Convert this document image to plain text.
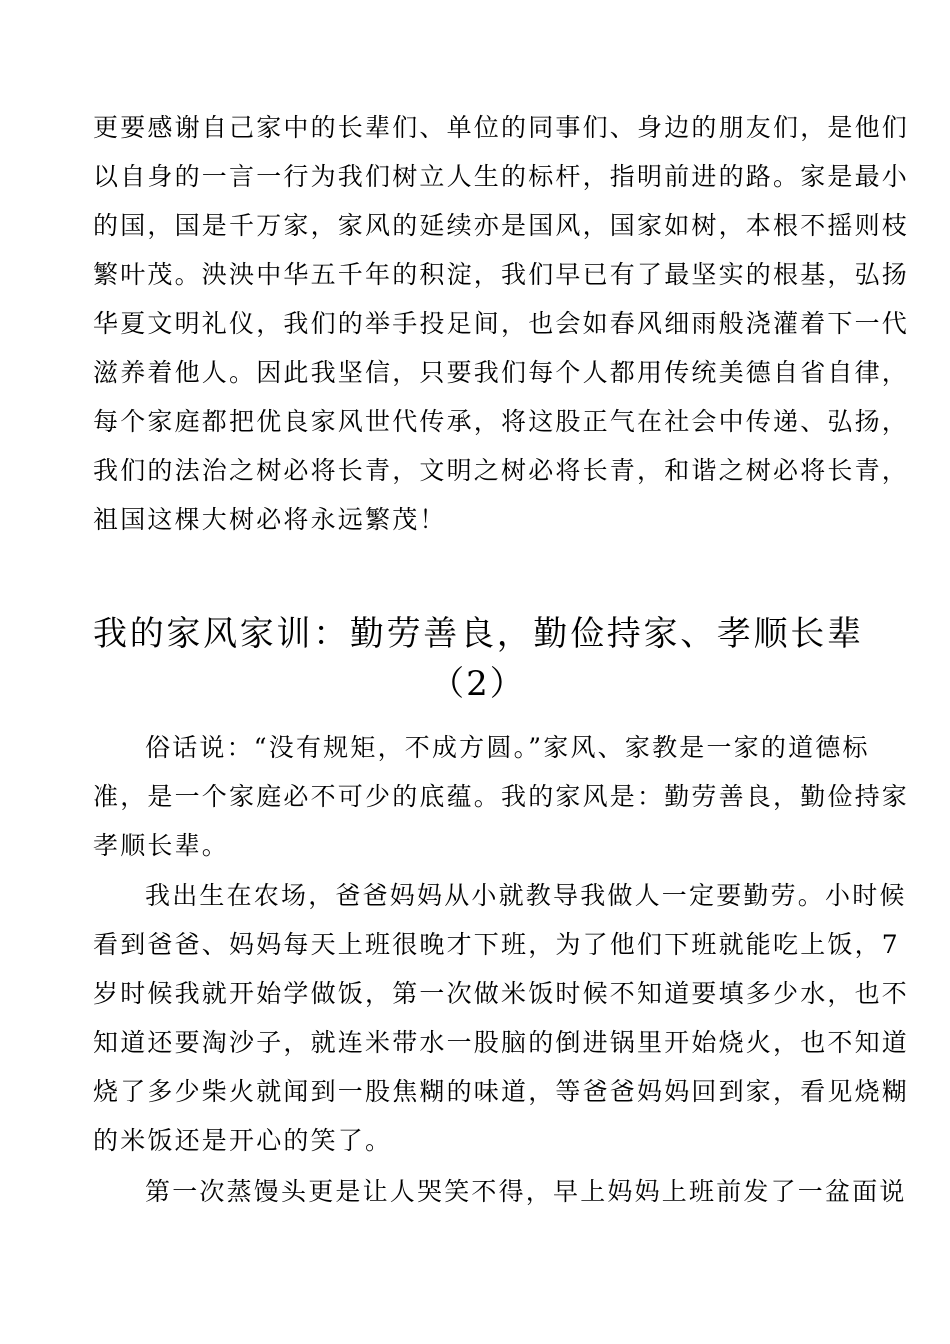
更要感谢自己家中的长辈们、单位的同事们、身边的朋友们，是他们
以自身的一言一行为我们树立人生的标杆，指明前进的路。家是最小
的国，国是千万家，家风的延续亦是国风，国家如树，本根不摇则枝
繁叶茂。泱泱中华五千年的积淀，我们早已有了最坚实的根基，弘扬
华夏文明礼仪，我们的举手投足间，也会如春风细雨般浇灌着下一代
滋养着他人。因此我坚信，只要我们每个人都用传统美德自省自律，
每个家庭都把优良家风世代传承，将这股正气在社会中传递、弘扬，
我们的法治之树必将长青，文明之树必将长青，和谐之树必将长青，
祖国这棵大树必将永远繁茂！
我的家风家训：勤劳善良，勤俭持家、孝顺长辈
（2）
俗话说：“没有规矩，不成方圆。”家风、家教是一家的道德标
准，是一个家庭必不可少的底蕴。我的家风是：勤劳善良，勤俭持家
孝顺长辈。
我出生在农场，爸爸妈妈从小就教导我做人一定要勤劳。小时候
看到爸爸、妈妈每天上班很晚才下班，为了他们下班就能吃上饭，7
岁时候我就开始学做饭，第一次做米饭时候不知道要填多少水，也不
知道还要淘沙子，就连米带水一股脑的倒进锅里开始烧火，也不知道
烧了多少柴火就闻到一股焦糊的味道，等爸爸妈妈回到家，看见烧糊
的米饭还是开心的笑了。
第一次蒸馒头更是让人哭笑不得，早上妈妈上班前发了一盆面说
